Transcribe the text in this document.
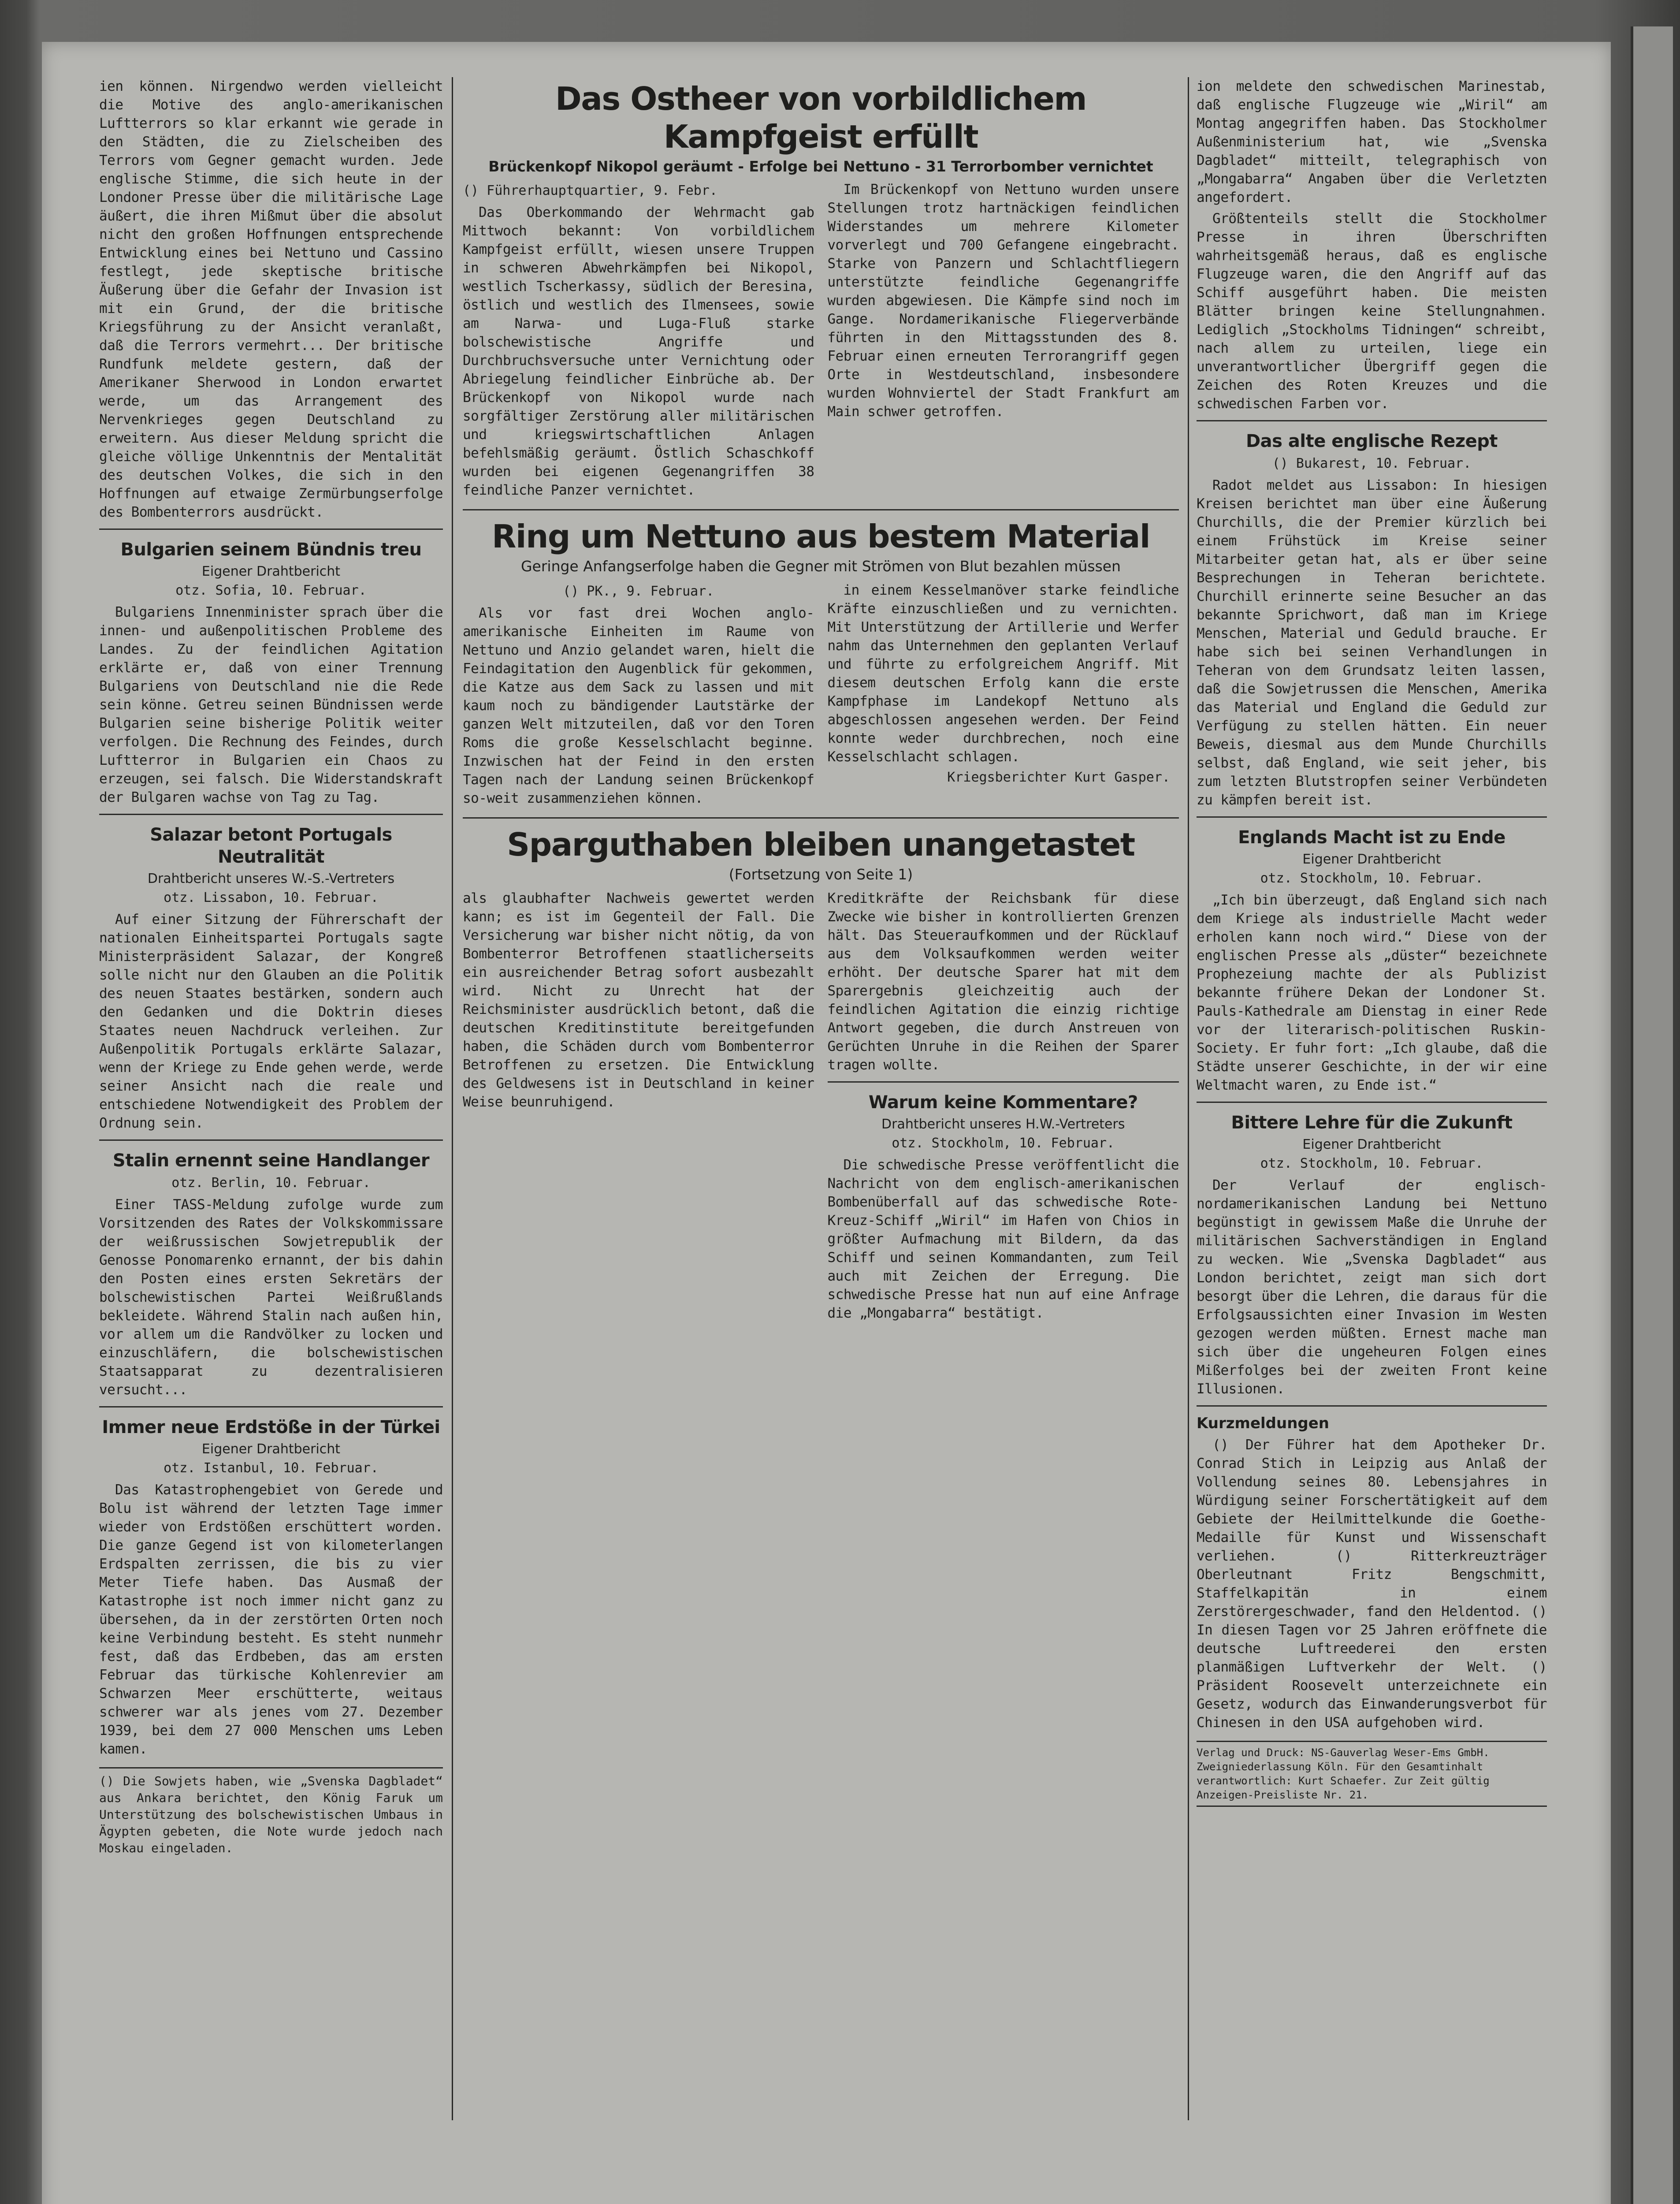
ien können. Nirgendwo werden vielleicht die Motive des anglo-amerikanischen Luftterrors so klar erkannt wie gerade in den Städten, die zu Zielscheiben des Terrors vom Gegner gemacht wurden. Jede englische Stimme, die sich heute in der Londoner Presse über die militärische Lage äußert, die ihren Mißmut über die absolut nicht den großen Hoffnungen entsprechende Entwicklung eines bei Nettuno und Cassino festlegt, jede skeptische britische Äußerung über die Gefahr der Invasion ist mit ein Grund, der die britische Kriegsführung zu der Ansicht veranlaßt, daß die Terrors vermehrt... Der britische Rundfunk meldete gestern, daß der Amerikaner Sherwood in London erwartet werde, um das Arrangement des Nervenkrieges gegen Deutschland zu erweitern. Aus dieser Meldung spricht die gleiche völlige Unkenntnis der Mentalität des deutschen Volkes, die sich in den Hoffnungen auf etwaige Zermürbungserfolge des Bombenterrors ausdrückt.

Bulgarien seinem Bündnis treu
Eigener Drahtbericht
otz. Sofia, 10. Februar.

Bulgariens Innenminister sprach über die innen- und außenpolitischen Probleme des Landes. Zu der feindlichen Agitation erklärte er, daß von einer Trennung Bulgariens von Deutschland nie die Rede sein könne. Getreu seinen Bündnissen werde Bulgarien seine bisherige Politik weiter verfolgen. Die Rechnung des Feindes, durch Luftterror in Bulgarien ein Chaos zu erzeugen, sei falsch. Die Widerstandskraft der Bulgaren wachse von Tag zu Tag.

Salazar betont Portugals Neutralität
Drahtbericht unseres W.-S.-Vertreters
otz. Lissabon, 10. Februar.

Auf einer Sitzung der Führerschaft der nationalen Einheitspartei Portugals sagte Ministerpräsident Salazar, der Kongreß solle nicht nur den Glauben an die Politik des neuen Staates bestärken, sondern auch den Gedanken und die Doktrin dieses Staates neuen Nachdruck verleihen. Zur Außenpolitik Portugals erklärte Salazar, wenn der Kriege zu Ende gehen werde, werde seiner Ansicht nach die reale und entschiedene Notwendigkeit des Problem der Ordnung sein.

Stalin ernennt seine Handlanger
otz. Berlin, 10. Februar.

Einer TASS-Meldung zufolge wurde zum Vorsitzenden des Rates der Volkskommissare der weißrussischen Sowjetrepublik der Genosse Ponomarenko ernannt, der bis dahin den Posten eines ersten Sekretärs der bolschewistischen Partei Weißrußlands bekleidete. Während Stalin nach außen hin, vor allem um die Randvölker zu locken und einzuschläfern, die bolschewistischen Staatsapparat zu dezentralisieren versucht...

Immer neue Erdstöße in der Türkei
Eigener Drahtbericht
otz. Istanbul, 10. Februar.

Das Katastrophengebiet von Gerede und Bolu ist während der letzten Tage immer wieder von Erdstößen erschüttert worden. Die ganze Gegend ist von kilometerlangen Erdspalten zerrissen, die bis zu vier Meter Tiefe haben. Das Ausmaß der Katastrophe ist noch immer nicht ganz zu übersehen, da in der zerstörten Orten noch keine Verbindung besteht. Es steht nunmehr fest, daß das Erdbeben, das am ersten Februar das türkische Kohlenrevier am Schwarzen Meer erschütterte, weitaus schwerer war als jenes vom 27. Dezember 1939, bei dem 27 000 Menschen ums Leben kamen.

() Die Sowjets haben, wie „Svenska Dagbladet“ aus Ankara berichtet, den König Faruk um Unterstützung des bolschewistischen Umbaus in Ägypten gebeten, die Note wurde jedoch nach Moskau eingeladen.
Das Ostheer von vorbildlichem Kampfgeist erfüllt
Brückenkopf Nikopol geräumt - Erfolge bei Nettuno - 31 Terrorbomber vernichtet
() Führerhauptquartier, 9. Febr.

Das Oberkommando der Wehrmacht gab Mittwoch bekannt: Von vorbildlichem Kampfgeist erfüllt, wiesen unsere Truppen in schweren Abwehrkämpfen bei Nikopol, westlich Tscherkassy, südlich der Beresina, östlich und westlich des Ilmensees, sowie am Narwa- und Luga-Fluß starke bolschewistische Angriffe und Durchbruchsversuche unter Vernichtung oder Abriegelung feindlicher Einbrüche ab. Der Brückenkopf von Nikopol wurde nach sorgfältiger Zerstörung aller militärischen und kriegswirtschaftlichen Anlagen befehlsmäßig geräumt. Östlich Schaschkoff wurden bei eigenen Gegenangriffen 38 feindliche Panzer vernichtet.

Im Brückenkopf von Nettuno wurden unsere Stellungen trotz hartnäckigen feindlichen Widerstandes um mehrere Kilometer vorverlegt und 700 Gefangene eingebracht. Starke von Panzern und Schlachtfliegern unterstützte feindliche Gegenangriffe wurden abgewiesen. Die Kämpfe sind noch im Gange. Nordamerikanische Fliegerverbände führten in den Mittagsstunden des 8. Februar einen erneuten Terrorangriff gegen Orte in Westdeutschland, insbesondere wurden Wohnviertel der Stadt Frankfurt am Main schwer getroffen.

Ring um Nettuno aus bestem Material
Geringe Anfangserfolge haben die Gegner mit Strömen von Blut bezahlen müssen
() PK., 9. Februar.

Als vor fast drei Wochen anglo-amerikanische Einheiten im Raume von Nettuno und Anzio gelandet waren, hielt die Feindagitation den Augenblick für gekommen, die Katze aus dem Sack zu lassen und mit kaum noch zu bändigender Lautstärke der ganzen Welt mitzuteilen, daß vor den Toren Roms die große Kesselschlacht beginne. Inzwischen hat der Feind in den ersten Tagen nach der Landung seinen Brückenkopf so-weit zusammenziehen können.

in einem Kesselmanöver starke feindliche Kräfte einzuschließen und zu vernichten. Mit Unterstützung der Artillerie und Werfer nahm das Unternehmen den geplanten Verlauf und führte zu erfolgreichem Angriff. Mit diesem deutschen Erfolg kann die erste Kampfphase im Landekopf Nettuno als abgeschlossen angesehen werden. Der Feind konnte weder durchbrechen, noch eine Kesselschlacht schlagen.

Kriegsberichter Kurt Gasper.
Sparguthaben bleiben unangetastet
(Fortsetzung von Seite 1)

als glaubhafter Nachweis gewertet werden kann; es ist im Gegenteil der Fall. Die Versicherung war bisher nicht nötig, da von Bombenterror Betroffenen staatlicherseits ein ausreichender Betrag sofort ausbezahlt wird. Nicht zu Unrecht hat der Reichsminister ausdrücklich betont, daß die deutschen Kreditinstitute bereitgefunden haben, die Schäden durch vom Bombenterror Betroffenen zu ersetzen. Die Entwicklung des Geldwesens ist in Deutschland in keiner Weise beunruhigend.

Kreditkräfte der Reichsbank für diese Zwecke wie bisher in kontrollierten Grenzen hält. Das Steueraufkommen und der Rücklauf aus dem Volksaufkommen werden weiter erhöht. Der deutsche Sparer hat mit dem Sparergebnis gleichzeitig auch der feindlichen Agitation die einzig richtige Antwort gegeben, die durch Anstreuen von Gerüchten Unruhe in die Reihen der Sparer tragen wollte.

Warum keine Kommentare?
Drahtbericht unseres H.W.-Vertreters
otz. Stockholm, 10. Februar.

Die schwedische Presse veröffentlicht die Nachricht von dem englisch-amerikanischen Bombenüberfall auf das schwedische Rote-Kreuz-Schiff „Wiril“ im Hafen von Chios in größter Aufmachung mit Bildern, da das Schiff und seinen Kommandanten, zum Teil auch mit Zeichen der Erregung. Die schwedische Presse hat nun auf eine Anfrage die „Mongabarra“ bestätigt.

ion meldete den schwedischen Marinestab, daß englische Flugzeuge wie „Wiril“ am Montag angegriffen haben. Das Stockholmer Außenministerium hat, wie „Svenska Dagbladet“ mitteilt, telegraphisch von „Mongabarra“ Angaben über die Verletzten angefordert.

Größtenteils stellt die Stockholmer Presse in ihren Überschriften wahrheitsgemäß heraus, daß es englische Flugzeuge waren, die den Angriff auf das Schiff ausgeführt haben. Die meisten Blätter bringen keine Stellungnahmen. Lediglich „Stockholms Tidningen“ schreibt, nach allem zu urteilen, liege ein unverantwortlicher Übergriff gegen die Zeichen des Roten Kreuzes und die schwedischen Farben vor.

Das alte englische Rezept
() Bukarest, 10. Februar.

Radot meldet aus Lissabon: In hiesigen Kreisen berichtet man über eine Äußerung Churchills, die der Premier kürzlich bei einem Frühstück im Kreise seiner Mitarbeiter getan hat, als er über seine Besprechungen in Teheran berichtete. Churchill erinnerte seine Besucher an das bekannte Sprichwort, daß man im Kriege Menschen, Material und Geduld brauche. Er habe sich bei seinen Verhandlungen in Teheran von dem Grundsatz leiten lassen, daß die Sowjetrussen die Menschen, Amerika das Material und England die Geduld zur Verfügung zu stellen hätten. Ein neuer Beweis, diesmal aus dem Munde Churchills selbst, daß England, wie seit jeher, bis zum letzten Blutstropfen seiner Verbündeten zu kämpfen bereit ist.

Englands Macht ist zu Ende
Eigener Drahtbericht
otz. Stockholm, 10. Februar.

„Ich bin überzeugt, daß England sich nach dem Kriege als industrielle Macht weder erholen kann noch wird.“ Diese von der englischen Presse als „düster“ bezeichnete Prophezeiung machte der als Publizist bekannte frühere Dekan der Londoner St. Pauls-Kathedrale am Dienstag in einer Rede vor der literarisch-politischen Ruskin-Society. Er fuhr fort: „Ich glaube, daß die Städte unserer Geschichte, in der wir eine Weltmacht waren, zu Ende ist.“

Bittere Lehre für die Zukunft
Eigener Drahtbericht
otz. Stockholm, 10. Februar.

Der Verlauf der englisch-nordamerikanischen Landung bei Nettuno begünstigt in gewissem Maße die Unruhe der militärischen Sachverständigen in England zu wecken. Wie „Svenska Dagbladet“ aus London berichtet, zeigt man sich dort besorgt über die Lehren, die daraus für die Erfolgsaussichten einer Invasion im Westen gezogen werden müßten. Ernest mache man sich über die ungeheuren Folgen eines Mißerfolges bei der zweiten Front keine Illusionen.

Kurzmeldungen

() Der Führer hat dem Apotheker Dr. Conrad Stich in Leipzig aus Anlaß der Vollendung seines 80. Lebensjahres in Würdigung seiner Forschertätigkeit auf dem Gebiete der Heilmittelkunde die Goethe-Medaille für Kunst und Wissenschaft verliehen. () Ritterkreuzträger Oberleutnant Fritz Bengschmitt, Staffelkapitän in einem Zerstörergeschwader, fand den Heldentod. () In diesen Tagen vor 25 Jahren eröffnete die deutsche Luftreederei den ersten planmäßigen Luftverkehr der Welt. () Präsident Roosevelt unterzeichnete ein Gesetz, wodurch das Einwanderungsverbot für Chinesen in den USA aufgehoben wird.

Verlag und Druck: NS-Gauverlag Weser-Ems GmbH. Zweigniederlassung Köln. Für den Gesamtinhalt verantwortlich: Kurt Schaefer. Zur Zeit gültig Anzeigen-Preisliste Nr. 21.
